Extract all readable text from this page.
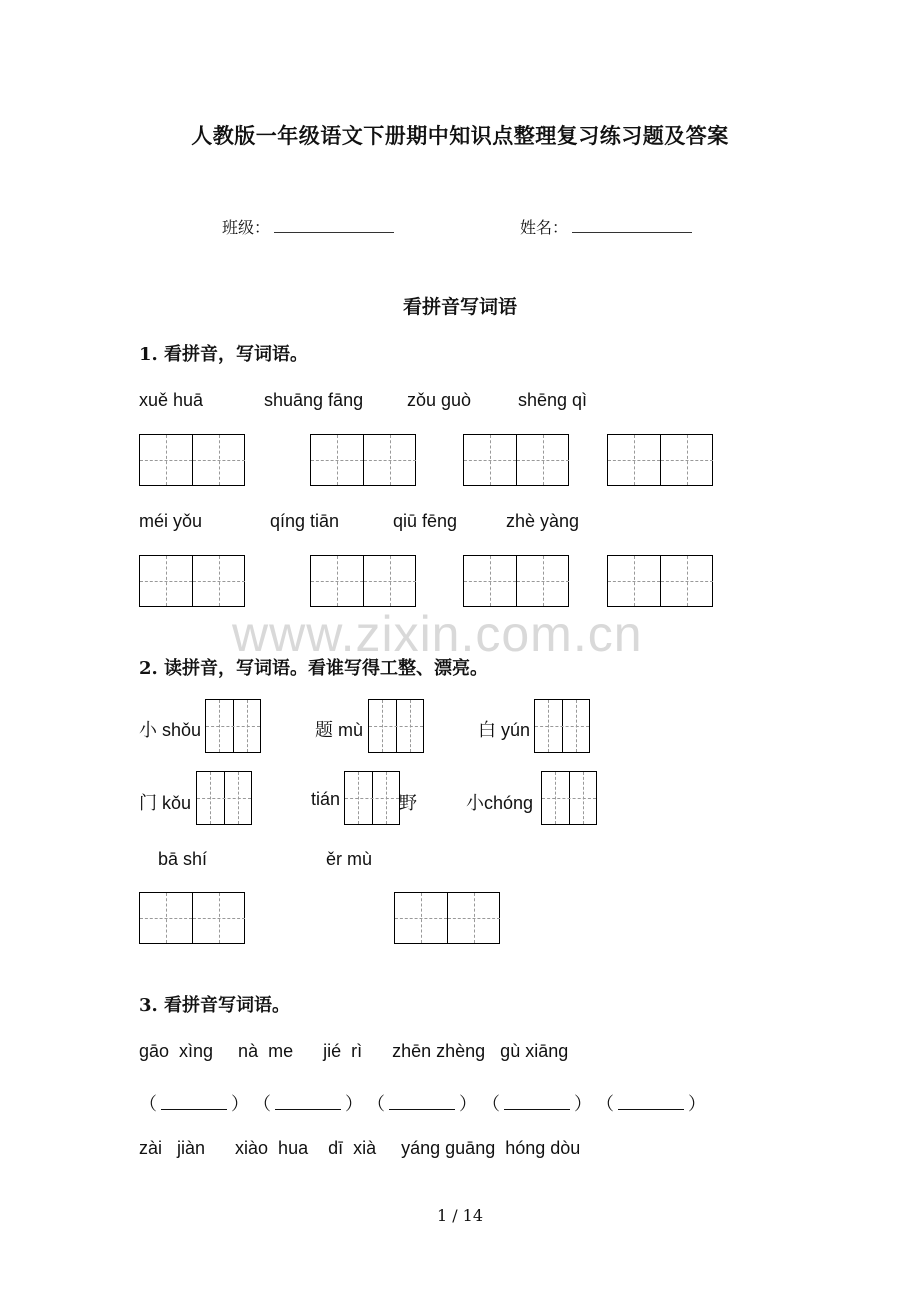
人教版一年级语文下册期中知识点整理复习练习题及答案
班级：	姓名：
看拼音写词语
1. 看拼音，写词语。
xuě huā	shuāng fāng zǒu guò	shēng qì
méi yǒu	qíng tiān	qiū fēng	zhè yàng
www.zixin.com.cn
2. 读拼音，写词语。看谁写得工整、漂亮。
小 shǒu	题 mù	白 yún
门 kǒu	tián	野	小chóng
bā shí	ěr mù
3. 看拼音写词语。
gāo  xìng     nà  me      jié  rì      zhēn zhèng   gù xiāng
（	） （	） （	） （	） （	）
zài   jiàn      xiào  hua    dī  xià     yáng guāng  hóng dòu
1 / 14
